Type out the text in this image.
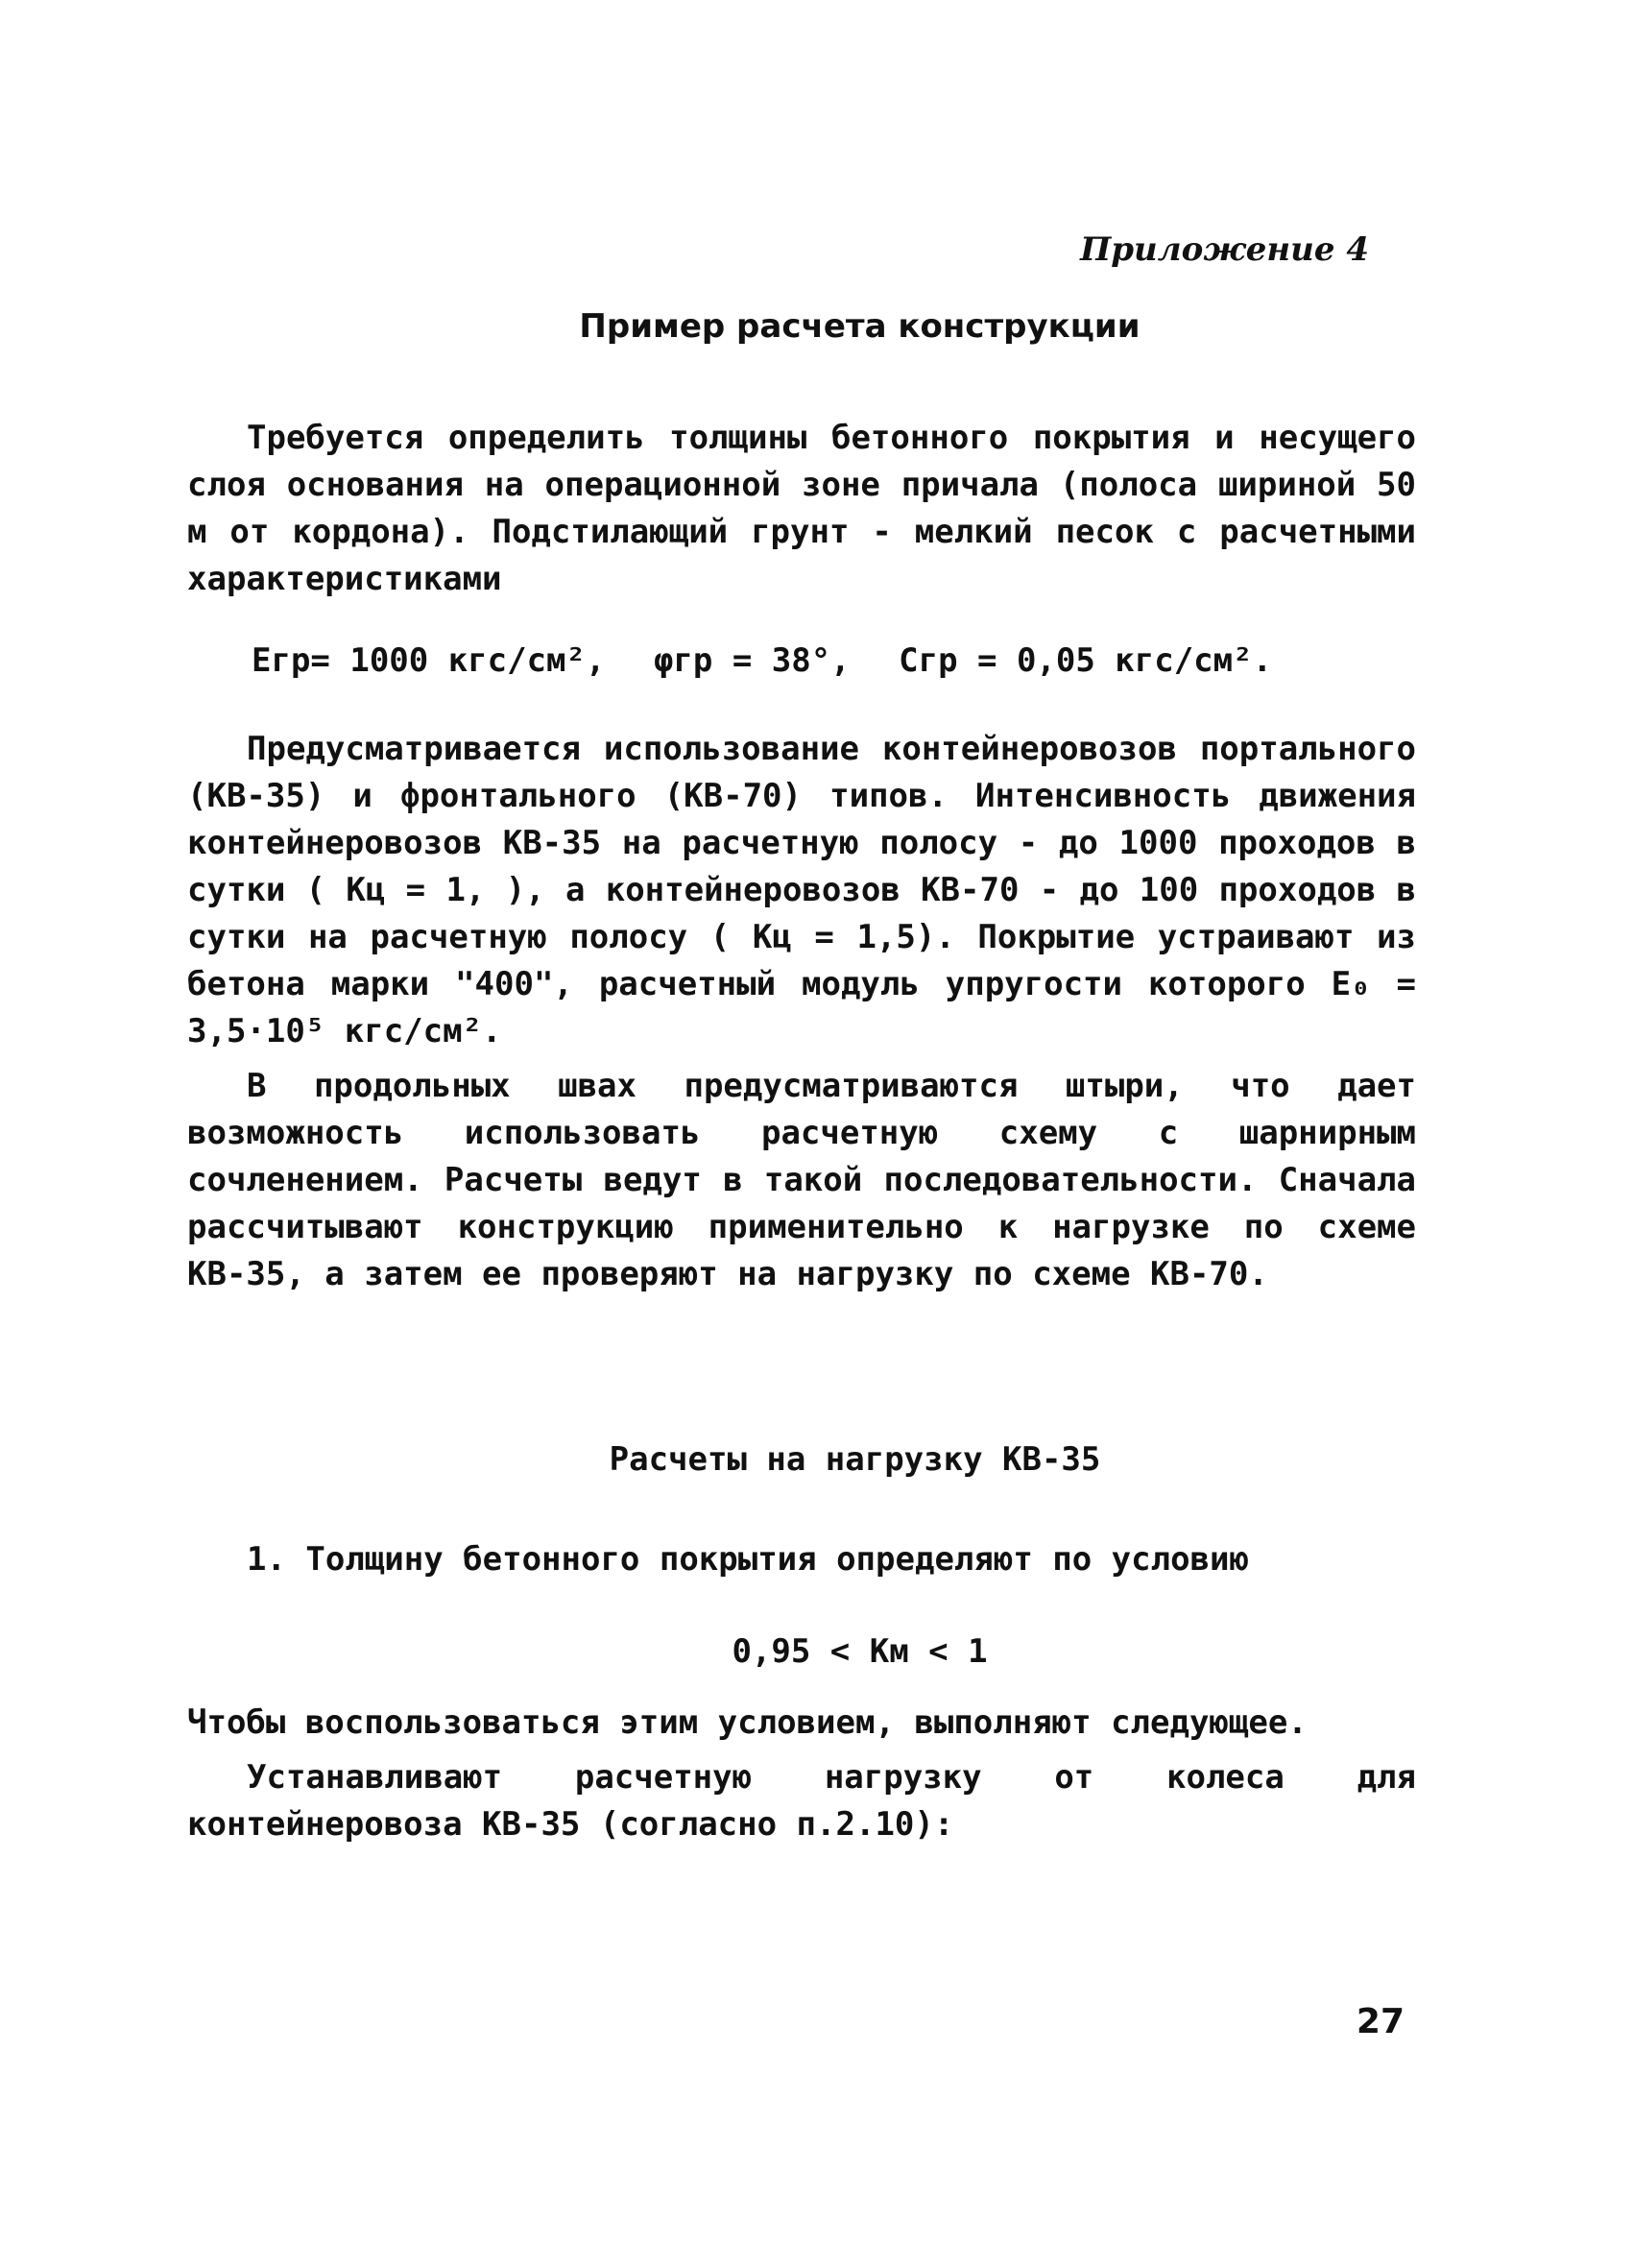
Приложение 4
Пример расчета конструкции

Требуется определить толщины бетонного покрытия и несущего слоя основания на операционной зоне причала (полоса шириной 50 м от кордона). Подстилающий грунт - мелкий песок с расчетными характеристиками

Eгр= 1000 кгс/см², φгр = 38°, Cгр = 0,05 кгс/см².

Предусматривается использование контейнеровозов портального (КВ-35) и фронтального (КВ-70) типов. Интенсивность движения контейнеровозов КВ-35 на расчетную полосу - до 1000 проходов в сутки ( Kц = 1, ), а контейнеровозов КВ-70 - до 100 проходов в сутки на расчетную полосу ( Kц = 1,5). Покрытие устраивают из бетона марки "400", расчетный модуль упругости которого E₀ = 3,5·10⁵ кгс/см².

В продольных швах предусматриваются штыри, что дает возможность использовать расчетную схему с шарнирным сочленением. Расчеты ведут в такой последовательности. Сначала рассчитывают конструкцию применительно к нагрузке по схеме КВ-35, а затем ее проверяют на нагрузку по схеме КВ-70.

Расчеты на нагрузку КВ-35

1. Толщину бетонного покрытия определяют по условию

0,95 < Kм < 1

Чтобы воспользоваться этим условием, выполняют следующее.

Устанавливают расчетную нагрузку от колеса для контейнеровоза КВ-35 (согласно п.2.10):

27
